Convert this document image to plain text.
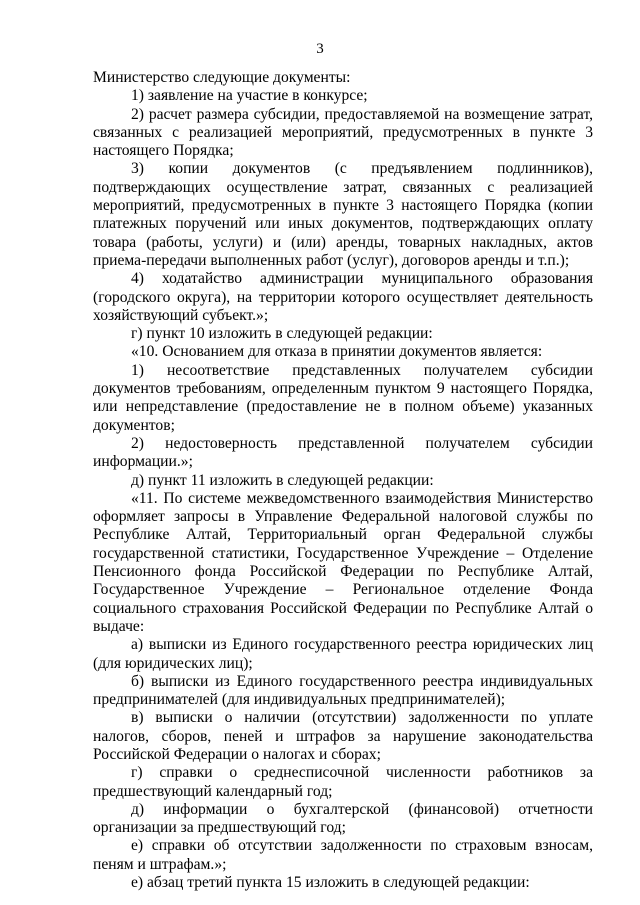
3

Министерство следующие документы:

1) заявление на участие в конкурсе;

2) расчет размера субсидии, предоставляемой на возмещение затрат, связанных с реализацией мероприятий, предусмотренных в пункте 3 настоящего Порядка;

3) копии документов (с предъявлением подлинников), подтверждающих осуществление затрат, связанных с реализацией мероприятий, предусмотренных в пункте 3 настоящего Порядка (копии платежных поручений или иных документов, подтверждающих оплату товара (работы, услуги) и (или) аренды, товарных накладных, актов приема-передачи выполненных работ (услуг), договоров аренды и т.п.);

4) ходатайство администрации муниципального образования (городского округа), на территории которого осуществляет деятельность хозяйствующий субъект.»;

г) пункт 10 изложить в следующей редакции:

«10. Основанием для отказа в принятии документов является:

1) несоответствие представленных получателем субсидии документов требованиям, определенным пунктом 9 настоящего Порядка, или непредставление (предоставление не в полном объеме) указанных документов;

2) недостоверность представленной получателем субсидии информации.»;

д) пункт 11 изложить в следующей редакции:

«11. По системе межведомственного взаимодействия Министерство оформляет запросы в Управление Федеральной налоговой службы по Республике Алтай, Территориальный орган Федеральной службы государственной статистики, Государственное Учреждение – Отделение Пенсионного фонда Российской Федерации по Республике Алтай, Государственное Учреждение – Региональное отделение Фонда социального страхования Российской Федерации по Республике Алтай о выдаче:

а) выписки из Единого государственного реестра юридических лиц (для юридических лиц);

б) выписки из Единого государственного реестра индивидуальных предпринимателей (для индивидуальных предпринимателей);

в) выписки о наличии (отсутствии) задолженности по уплате налогов, сборов, пеней и штрафов за нарушение законодательства Российской Федерации о налогах и сборах;

г) справки о среднесписочной численности работников за предшествующий календарный год;

д) информации о бухгалтерской (финансовой) отчетности организации за предшествующий год;

е) справки об отсутствии задолженности по страховым взносам, пеням и штрафам.»;

е) абзац третий пункта 15 изложить в следующей редакции:
